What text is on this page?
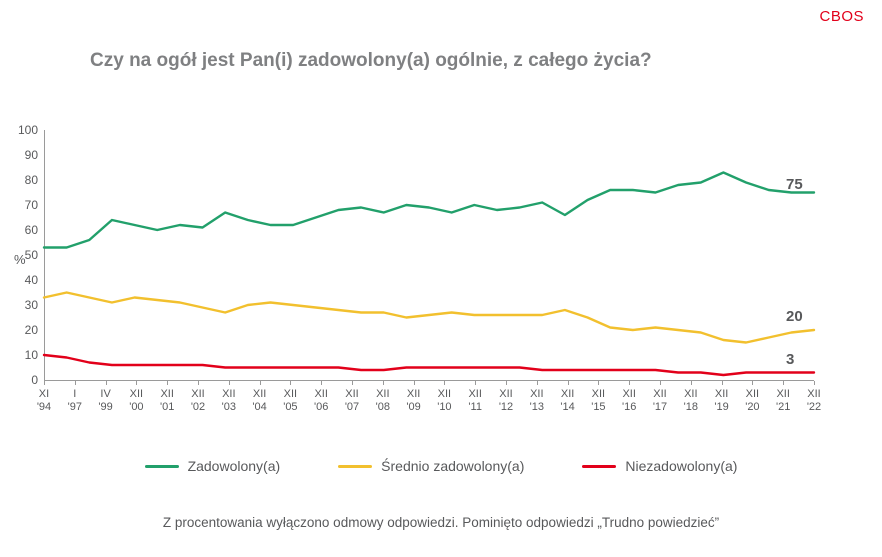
CBOS
Czy na ogół jest Pan(i) zadowolony(a) ogólnie, z całego życia?
%
0
10
20
30
40
50
60
70
80
90
100
XI
'94
I
'97
IV
'99
XII
'00
XII
'01
XII
'02
XII
'03
XII
'04
XII
'05
XII
'06
XII
'07
XII
'08
XII
'09
XII
'10
XII
'11
XII
'12
XII
'13
XII
'14
XII
'15
XII
'16
XII
'17
XII
'18
XII
'19
XII
'20
XII
'21
XII
'22
75
20
3
Zadowolony(a)	Średnio zadowolony(a)	Niezadowolony(a)
Z procentowania wyłączono odmowy odpowiedzi. Pominięto odpowiedzi „Trudno powiedzieć”
